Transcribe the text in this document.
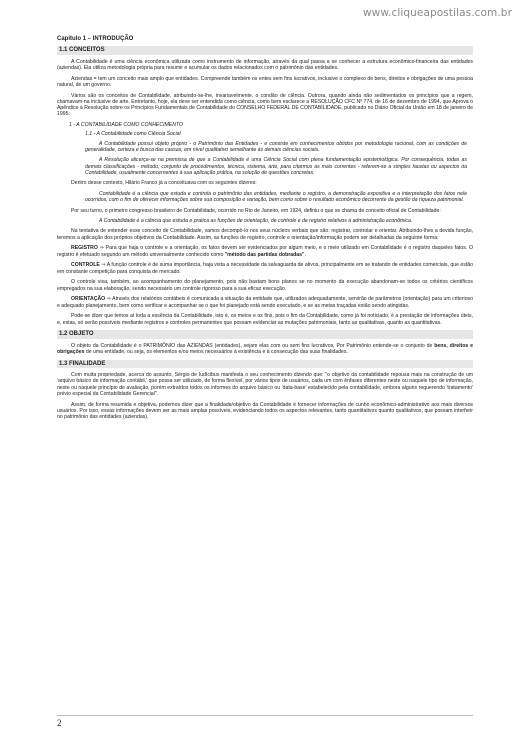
www.cliqueapostilas.com.br
Capítulo 1 – INTRODUÇÃO
1.1 CONCEITOS

A Contabilidade é uma ciência econômica utilizada como instrumento de informação, através da qual passa a se conhecer a estrutura econômico-financeira das entidades (aziendas). Ela utiliza metodologia própria para resumir e acumular os dados relacionados com o patrimônio das entidades.

Aziendas = tem um conceito mais amplo que entidades. Compreende também os entes sem fins lucrativos, inclusive o complexo de bens, direitos e obrigações de uma pessoa natural, de um governo.

Vários são os conceitos de Contabilidade, atribuindo-se-lhe, invariavelmente, o condão de ciência. Outrora, quando ainda não sedimentados os princípios que a regem, chamavam-na inclusive de arte. Entretanto, hoje, ela deve ser entendida como ciência, como bem esclarece a RESOLUÇÃO CFC Nº 774, de 16 de dezembro de 1994, que Aprova o Apêndice à Resolução sobre os Princípios Fundamentais de Contabilidade do CONSELHO FEDERAL DE CONTABILIDADE, publicado no Diário Oficial da União em 18 de janeiro de 1995:

1 - A CONTABILIDADE COMO CONHECIMENTO
1.1 - A Contabilidade como Ciência Social

A Contabilidade possui objeto próprio - o Patrimônio das Entidades - e consiste em conhecimentos obtidos por metodologia racional, com as condições de generalidade, certeza e busca das causas, em nível qualitativo semelhante às demais ciências sociais.

A Resolução alicerça-se na premissa de que a Contabilidade é uma Ciência Social com plena fundamentação epistemológica. Por consequência, todas as demais classificações - método, conjunto de procedimentos, técnica, sistema, arte, para citarmos as mais correntes - referem-se a simples facetas ou aspectos da Contabilidade, usualmente concernentes à sua aplicação prática, na solução de questões concretas.

Dentro desse contexto, Hilário Franco já a conceituava com os seguintes dizeres:

Contabilidade é a ciência que estuda e controla o patrimônio das entidades, mediante o registro, a demonstração expositiva e a interpretação dos fatos nele ocorridos, com o fim de oferecer informações sobre sua composição e variação, bem como sobre o resultado econômico decorrente da gestão da riqueza patrimonial.

Por seu turno, o primeiro congresso brasileiro de Contabilidade, ocorrido no Rio de Janeiro, em 1924, definiu o que se chama de conceito oficial de Contabilidade:

A Contabilidade é a ciência que estuda e pratica as funções de orientação, de controle e de registro relativos à administração econômica.

Na tentativa de entender esse conceito de Contabilidade, vamos decompô-lo nos seus núcleos verbais que são: registrar, controlar e orientar. Atribuindo-lhes a devida função, teremos a aplicação dos próprios objetivos da Contabilidade. Assim, as funções de registro, controle e orientação/informação podem ser detalhadas da seguinte forma:

REGISTRO ⇒ Para que haja o controle e a orientação, os fatos devem ser evidenciados por algum meio, e o meio utilizado em Contabilidade é o registro daqueles fatos. O registro é efetuado segundo um método universalmente conhecido como "método das partidas dobradas".

CONTROLE ⇒ A função controle é de suma importância, haja vista a necessidade da salvaguarda de ativos, principalmente em se tratando de entidades comerciais, que estão em constante competição para conquista de mercado.

O controle visa, também, ao acompanhamento do planejamento, pois não bastam bons planos se no momento da execução abandonam-se todos os critérios científicos empregados na sua elaboração, sendo necessário um controle rigoroso para a sua eficaz execução.

ORIENTAÇÃO ⇒ Através dos relatórios contábeis é comunicada a situação da entidade que, utilizados adequadamente, servirão de parâmetros (orientação) para um criterioso e adequado planejamento, bem como verificar e acompanhar se o que foi planejado está sendo executado, e se as metas traçadas estão sendo atingidas.

Pode-se dizer que temos aí toda a essência da Contabilidade, isto é, os meios e os fins, pois o fim da Contabilidade, como já foi noticiado, é a prestação de informações úteis, e, estas, só serão possíveis mediante registros e controles permanentes que possam evidenciar as mutações patrimoniais, tanto as qualitativas, quanto as quantitativas.

1.2 OBJETO

O objeto da Contabilidade é o PATRIMÔNIO das AZIENDAS (entidades), sejam elas com ou sem fins lucrativos, Por Patrimônio entende-se o conjunto de bens, direitos e obrigações de uma entidade, ou seja, os elementos e/ou meios necessários à existência e à consecução das suas finalidades.

1.3 FINALIDADE

Com muita propriedade, acerca do assunto, Sérgio de Iudícibus manifesta o seu conhecimento dizendo que: "o objetivo da contabilidade repousa mais na construção de um 'arquivo básico de informação contábil,' que possa ser utilizado, de forma flexível, por vários tipos de usuários, cada um com ênfases diferentes neste ou naquele tipo de informação, neste ou naquele princípio de avaliação, porém extraídos todos os informes do arquivo básico ou 'data-base' estabelecido pela contabilidade, embora alguns requerendo 'tratamento' prévio especial da Contabilidade Gerencial".

Assim, de forma resumida e objetiva, podemos dizer que a finalidade/objetivo da Contabilidade é fornecer informações de cunho econômico-administrativo aos mais diversos usuários. Por isso, essas informações devem ser as mais amplas possíveis, evidenciando todos os aspectos relevantes, tanto quantitativos quanto qualitativos, que possam interferir no patrimônio das entidades (aziendas).

2
